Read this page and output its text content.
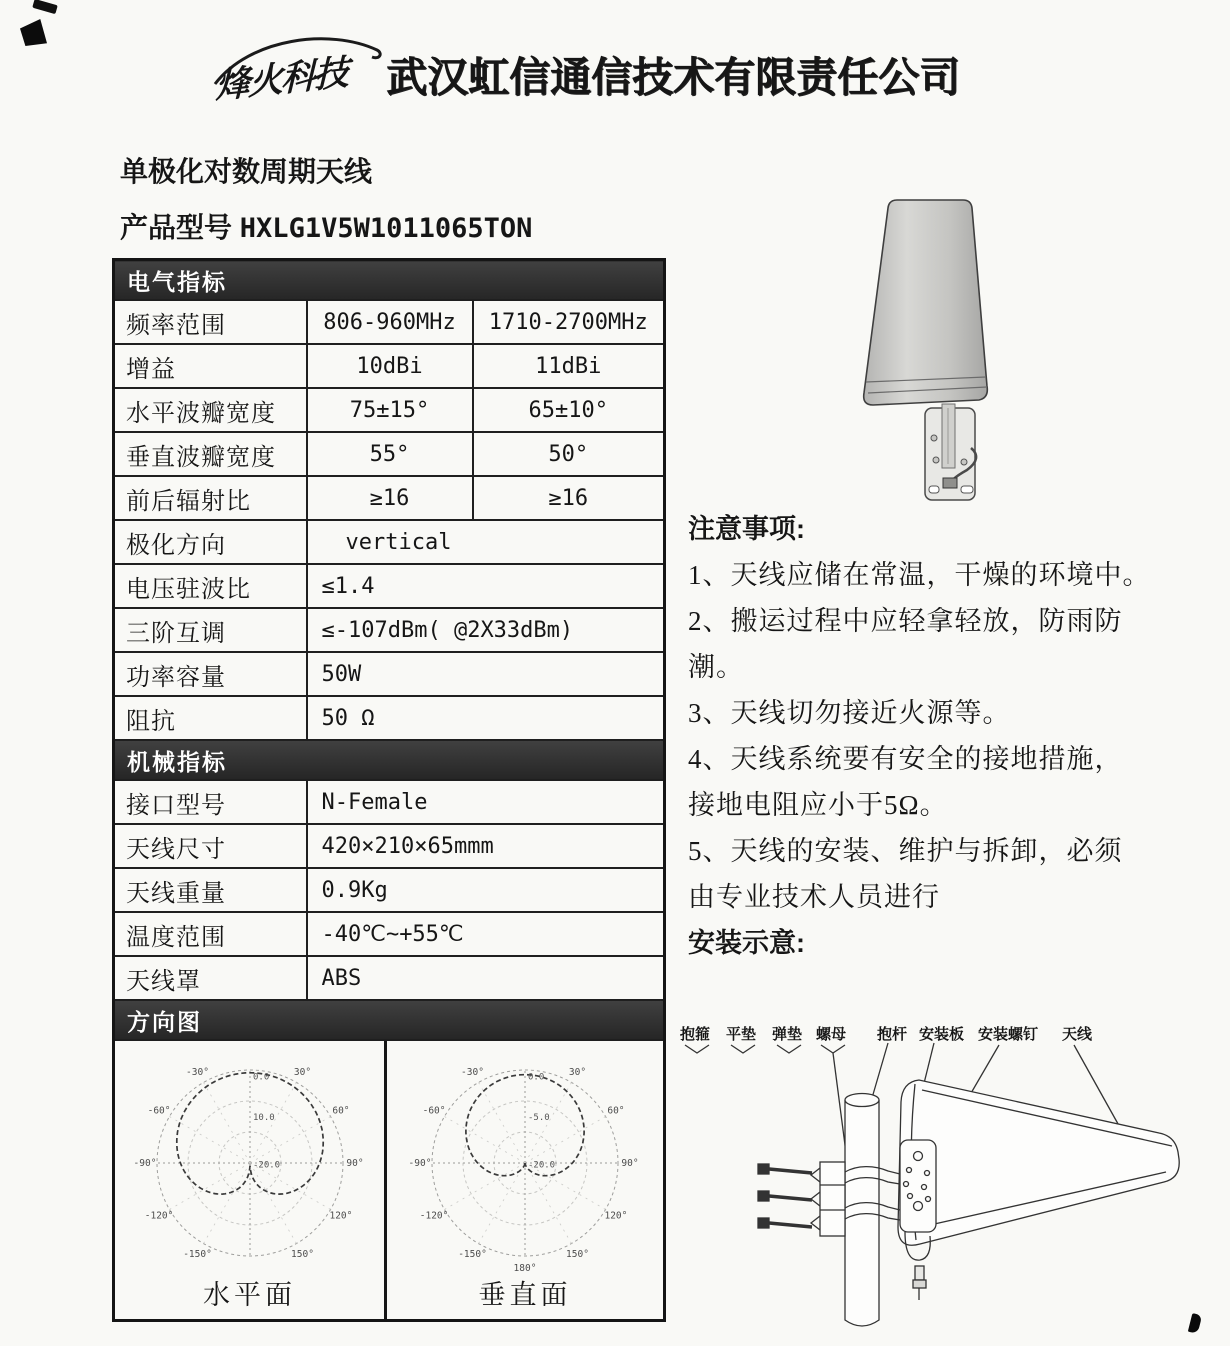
烽火科技 武汉虹信通信技术有限责任公司
单极化对数周期天线
产品型号 HXLG1V5W1011065TON
电气指标		
频率范围	806-960MHz	1710-2700MHz
增益	10dBi	11dBi
水平波瓣宽度	75±15°	65±10°
垂直波瓣宽度	55°	50°
前后辐射比	≥16	≥16
极化方向	vertical	
电压驻波比	≤1.4	
三阶互调	≤-107dBm( @2X33dBm)	
功率容量	50W	
阻抗	50 Ω	
机械指标		
接口型号	N-Female	
天线尺寸	420×210×65mmm	
天线重量	0.9Kg	
温度范围	-40℃~+55℃	
天线罩	ABS	
方向图		

-30°	30°
-60°	60°
-90°	90°
-120°	120°
-150°	150°
0.0
10.0
-20.0
水平面
-30°	30°
-60°	60°
-90°	90°
-120°	120°
-150°	150°
180°
0.0
-5.0
-20.0
垂直面
注意事项:
1、天线应储在常温，干燥的环境中。
2、搬运过程中应轻拿轻放，防雨防
潮。
3、天线切勿接近火源等。
4、天线系统要有安全的接地措施，
接地电阻应小于5Ω。
5、天线的安装、维护与拆卸，必须
由专业技术人员进行
安装示意:
抱箍 平垫 弹垫 螺母 抱杆 安装板 安装螺钉 天线
